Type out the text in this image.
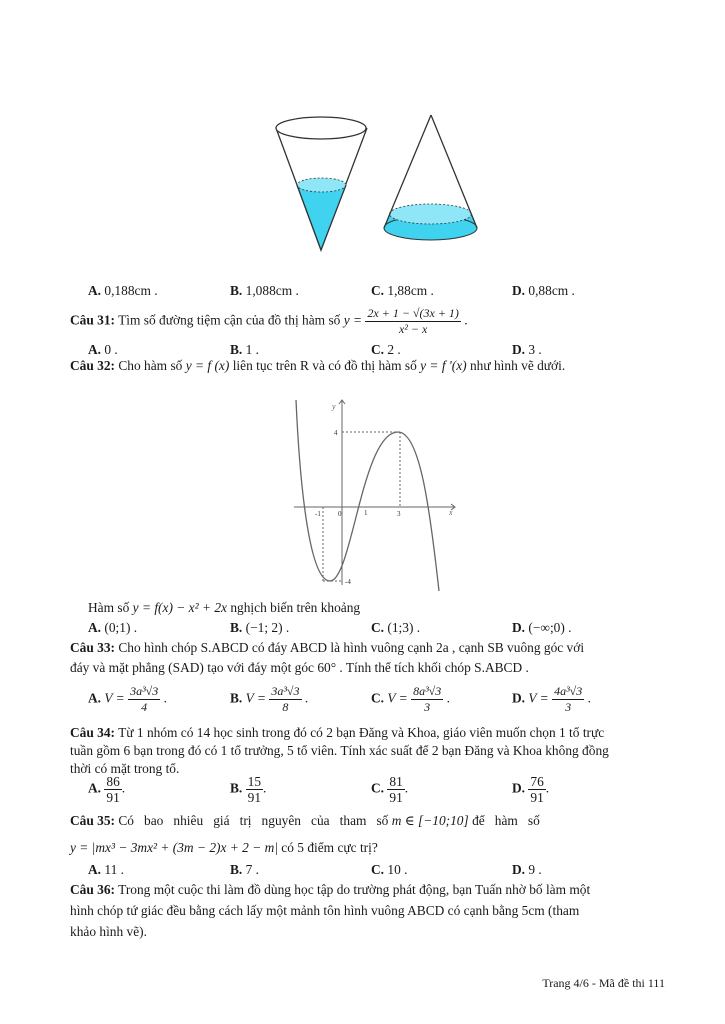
A. 0,188cm .	B. 1,088cm .	C. 1,88cm .	D. 0,88cm .
Câu 31: Tìm số đường tiệm cận của đồ thị hàm số $y = \frac{2x + 1 - √(3x + 1)}{\text{x² − x}}$ .
A. 0 .	B. 1 .	C. 2 .	D. 3 .
Câu 32: Cho hàm số y = f (x) liên tục trên R và có đồ thị hàm số y = f '(x) như hình vẽ dưới.
y
x
-1 0	1	3
4
-4
Hàm số y = f(x) − x² + 2x nghịch biến trên khoảng
A. (0;1) .	B. (−1; 2) .	C. (1;3) .	D. (−∞;0) .
Câu 33: Cho hình chóp S.ABCD có đáy ABCD là hình vuông cạnh 2a , cạnh SB vuông góc với
đáy và mặt phẳng (SAD) tạo với đáy một góc 60° . Tính thể tích khối chóp S.ABCD .
A. $V = \frac{\text{3a³√3}}{4}$ .	B. $V = \frac{\text{3a³√3}}{8}$ .	C. $V = \frac{\text{8a³√3}}{3}$ .	D. $V = \frac{\text{4a³√3}}{3}$ .
Câu 34: Từ 1 nhóm có 14 học sinh trong đó có 2 bạn Đăng và Khoa, giáo viên muốn chọn 1 tổ trực
tuần gồm 6 bạn trong đó có 1 tổ trưởng, 5 tổ viên. Tính xác suất để 2 bạn Đăng và Khoa không đồng
thời có mặt trong tổ.
A. $\frac{86}{91}$ .	B. $\frac{15}{91}$ .	C. $\frac{81}{91}$ .	D. $\frac{76}{91}$ .
Câu 35: Có   bao   nhiêu   giá   trị   nguyên   của   tham   số m ∈ [−10;10] để   hàm   số
y = |mx³ − 3mx² + (3m − 2)x + 2 − m| có 5 điểm cực trị?
A. 11 .	B. 7 .	C. 10 .	D. 9 .
Câu 36: Trong một cuộc thi làm đồ dùng học tập do trường phát động, bạn Tuấn nhờ bố làm một
hình chóp tứ giác đều bằng cách lấy một mảnh tôn hình vuông ABCD có cạnh bằng 5cm (tham
khảo hình vẽ).
Trang 4/6 - Mã đề thi 111
